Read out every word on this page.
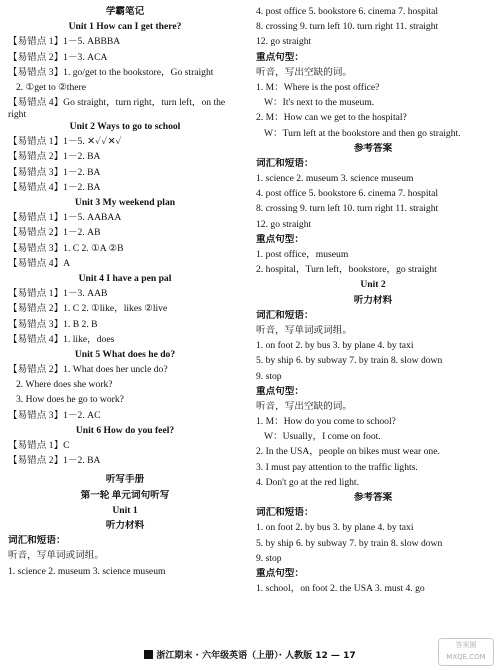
学霸笔记

Unit 1 How can I get there?

【易错点 1】1－5. ABBBA

【易错点 2】1－3. ACA

【易错点 3】1. go/get to the bookstore，Go straight

2. ①get to ②there

【易错点 4】Go straight，turn right，turn left，on the right

Unit 2 Ways to go to school

【易错点 1】1－5. ✕✓✓✕✓

【易错点 2】1－2. BA

【易错点 3】1－2. BA

【易错点 4】1－2. BA

Unit 3 My weekend plan

【易错点 1】1－5. AABAA

【易错点 2】1－2. AB

【易错点 3】1. C 2. ①A ②B

【易错点 4】A

Unit 4 I have a pen pal

【易错点 1】1－3. AAB

【易错点 2】1. C 2. ①like，likes ②live

【易错点 3】1. B 2. B

【易错点 4】1. like，does

Unit 5 What does he do?

【易错点 2】1. What does her uncle do?

2. Where does she work?

3. How does he go to work?

【易错点 3】1－2. AC

Unit 6 How do you feel?

【易错点 1】C

【易错点 2】1－2. BA

听写手册

第一轮 单元词句听写

Unit 1

听力材料

词汇和短语：

听音，写单词或词组。

1. science 2. museum 3. science museum

4. post office 5. bookstore 6. cinema 7. hospital

8. crossing 9. turn left 10. turn right 11. straight

12. go straight

重点句型：

听音，写出空缺的词。

1. M：Where is the post office?

W：It's next to the museum.

2. M：How can we get to the hospital?

W：Turn left at the bookstore and then go straight.

参考答案

词汇和短语：

1. science 2. museum 3. science museum

4. post office 5. bookstore 6. cinema 7. hospital

8. crossing 9. turn left 10. turn right 11. straight

12. go straight

重点句型：

1. post office，museum

2. hospital，Turn left，bookstore，go straight

Unit 2

听力材料

词汇和短语：

听音，写单词或词组。

1. on foot 2. by bus 3. by plane 4. by taxi

5. by ship 6. by subway 7. by train 8. slow down

9. stop

重点句型：

听音，写出空缺的词。

1. M：How do you come to school?

W：Usually，I come on foot.

2. In the USA，people on bikes must wear one.

3. I must pay attention to the traffic lights.

4. Don't go at the red light.

参考答案

词汇和短语：

1. on foot 2. by bus 3. by plane 4. by taxi

5. by ship 6. by subway 7. by train 8. slow down

9. stop

重点句型：

1. school，on foot 2. the USA 3. must 4. go

浙江期末 · 六年级英语（上册）· 人教版 12 — 17
答案圈
MXQE.COM
